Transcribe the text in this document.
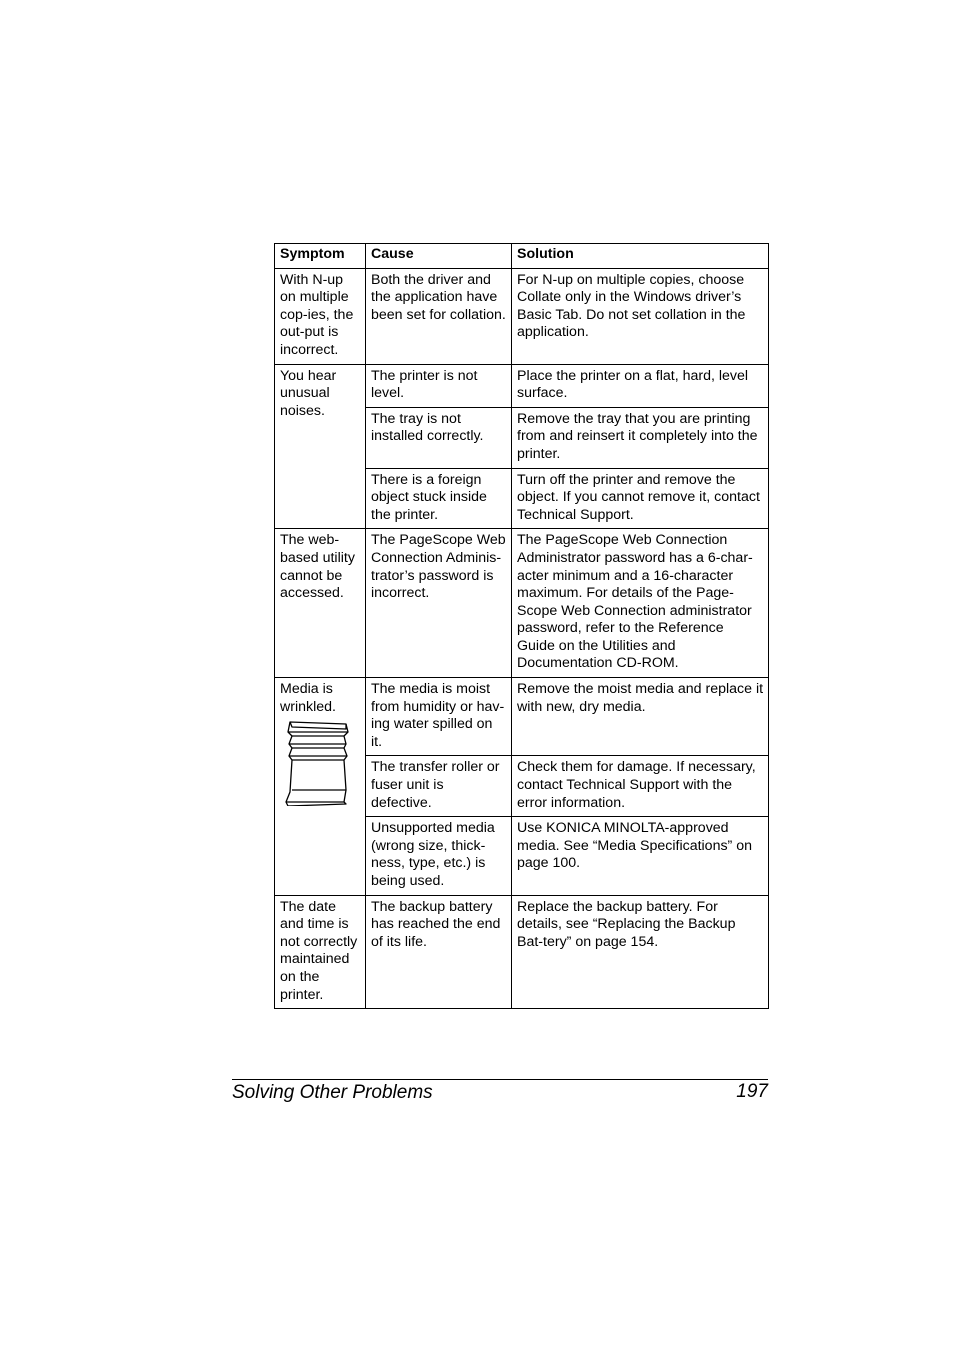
Symptom	Cause	Solution
With N-up on multiple cop-ies, the out-put is incorrect.	Both the driver and the application have been set for collation.	For N-up on multiple copies, choose Collate only in the Windows driver’s Basic Tab. Do not set collation in the application.
You hear unusual noises.	The printer is not level.	Place the printer on a flat, hard, level surface.
	The tray is not installed correctly.	Remove the tray that you are printing from and reinsert it completely into the printer.
	There is a foreign object stuck inside the printer.	Turn off the printer and remove the object. If you cannot remove it, contact Technical Support.
The web-based utility cannot be accessed.	The PageScope Web Connection Adminis-trator’s password is incorrect.	The PageScope Web Connection Administrator password has a 6-char-acter minimum and a 16-character maximum. For details of the Page-Scope Web Connection administrator password, refer to the Reference Guide on the Utilities and Documentation CD-ROM.
Media is wrinkled.	The media is moist from humidity or hav-ing water spilled on it.	Remove the moist media and replace it with new, dry media.
	The transfer roller or fuser unit is defective.	Check them for damage. If necessary, contact Technical Support with the error information.
	Unsupported media (wrong size, thick-ness, type, etc.) is being used.	Use KONICA MINOLTA-approved media. See “Media Specifications” on page 100.
The date and time is not correctly maintained on the printer.	The backup battery has reached the end of its life.	Replace the backup battery. For details, see “Replacing the Backup Bat-tery” on page 154.
Solving Other Problems	197
